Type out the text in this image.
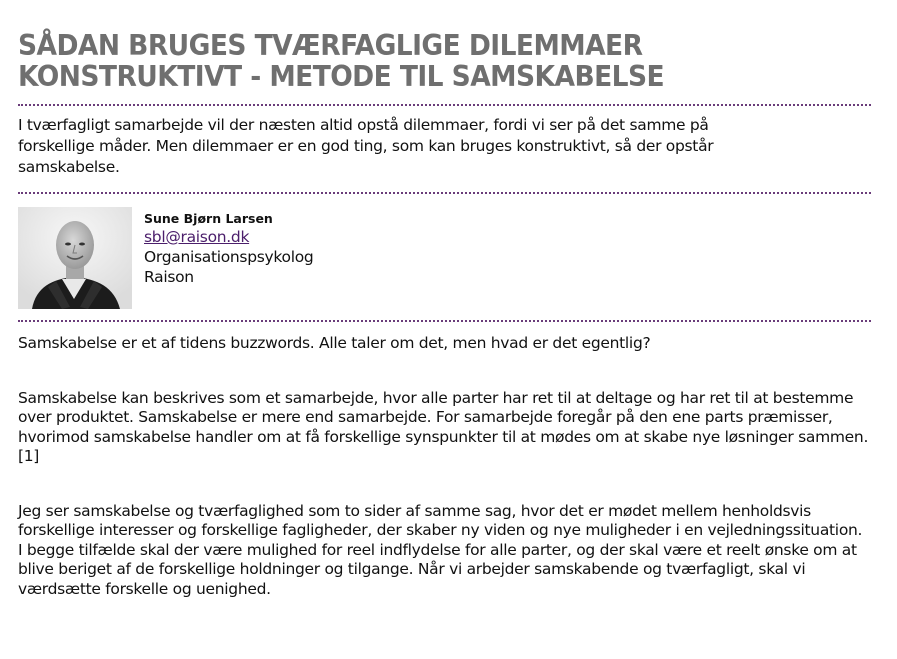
SÅDAN BRUGES TVÆRFAGLIGE DILEMMAER
KONSTRUKTIVT - METODE TIL SAMSKABELSE

I tværfagligt samarbejde vil der næsten altid opstå dilemmaer, fordi vi ser på det samme på forskellige måder. Men dilemmaer er en god ting, som kan bruges konstruktivt, så der opstår samskabelse.

Sune Bjørn Larsen
sbl@raison.dk
Organisationspsykolog
Raison

Samskabelse er et af tidens buzzwords. Alle taler om det, men hvad er det egentlig?

Samskabelse kan beskrives som et samarbejde, hvor alle parter har ret til at deltage og har ret til at bestemme over produktet. Samskabelse er mere end samarbejde. For samarbejde foregår på den ene parts præmisser, hvorimod samskabelse handler om at få forskellige synspunkter til at mødes om at skabe nye løsninger sammen.[1]

Jeg ser samskabelse og tværfaglighed som to sider af samme sag, hvor det er mødet mellem henholdsvis forskellige interesser og forskellige fagligheder, der skaber ny viden og nye muligheder i en vejledningssituation. I begge tilfælde skal der være mulighed for reel indflydelse for alle parter, og der skal være et reelt ønske om at blive beriget af de forskellige holdninger og tilgange. Når vi arbejder samskabende og tværfagligt, skal vi værdsætte forskelle og uenighed.
